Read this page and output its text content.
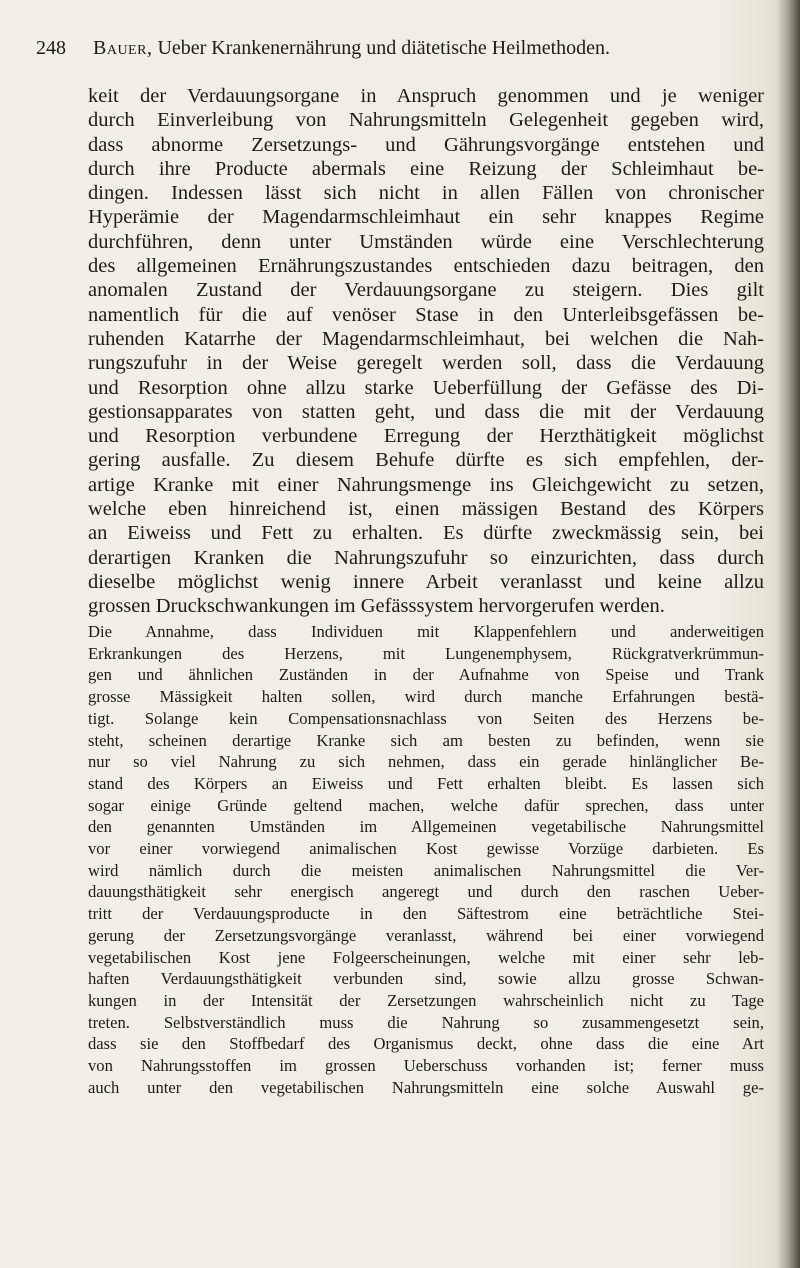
248 Bauer, Ueber Krankenernährung und diätetische Heilmethoden.
keit der Verdauungsorgane in Anspruch genommen und je weniger
durch Einverleibung von Nahrungsmitteln Gelegenheit gegeben wird,
dass abnorme Zersetzungs- und Gährungsvorgänge entstehen und
durch ihre Producte abermals eine Reizung der Schleimhaut be-
dingen. Indessen lässt sich nicht in allen Fällen von chronischer
Hyperämie der Magendarmschleimhaut ein sehr knappes Regime
durchführen, denn unter Umständen würde eine Verschlechterung
des allgemeinen Ernährungszustandes entschieden dazu beitragen, den
anomalen Zustand der Verdauungsorgane zu steigern. Dies gilt
namentlich für die auf venöser Stase in den Unterleibsgefässen be-
ruhenden Katarrhe der Magendarmschleimhaut, bei welchen die Nah-
rungszufuhr in der Weise geregelt werden soll, dass die Verdauung
und Resorption ohne allzu starke Ueberfüllung der Gefässe des Di-
gestionsapparates von statten geht, und dass die mit der Verdauung
und Resorption verbundene Erregung der Herzthätigkeit möglichst
gering ausfalle. Zu diesem Behufe dürfte es sich empfehlen, der-
artige Kranke mit einer Nahrungsmenge ins Gleichgewicht zu setzen,
welche eben hinreichend ist, einen mässigen Bestand des Körpers
an Eiweiss und Fett zu erhalten. Es dürfte zweckmässig sein, bei
derartigen Kranken die Nahrungszufuhr so einzurichten, dass durch
dieselbe möglichst wenig innere Arbeit veranlasst und keine allzu
grossen Druckschwankungen im Gefässsystem hervorgerufen werden.
Die Annahme, dass Individuen mit Klappenfehlern und anderweitigen
Erkrankungen des Herzens, mit Lungenemphysem, Rückgratverkrümmun-
gen und ähnlichen Zuständen in der Aufnahme von Speise und Trank
grosse Mässigkeit halten sollen, wird durch manche Erfahrungen bestä-
tigt. Solange kein Compensationsnachlass von Seiten des Herzens be-
steht, scheinen derartige Kranke sich am besten zu befinden, wenn sie
nur so viel Nahrung zu sich nehmen, dass ein gerade hinlänglicher Be-
stand des Körpers an Eiweiss und Fett erhalten bleibt. Es lassen sich
sogar einige Gründe geltend machen, welche dafür sprechen, dass unter
den genannten Umständen im Allgemeinen vegetabilische Nahrungsmittel
vor einer vorwiegend animalischen Kost gewisse Vorzüge darbieten. Es
wird nämlich durch die meisten animalischen Nahrungsmittel die Ver-
dauungsthätigkeit sehr energisch angeregt und durch den raschen Ueber-
tritt der Verdauungsproducte in den Säftestrom eine beträchtliche Stei-
gerung der Zersetzungsvorgänge veranlasst, während bei einer vorwiegend
vegetabilischen Kost jene Folgeerscheinungen, welche mit einer sehr leb-
haften Verdauungsthätigkeit verbunden sind, sowie allzu grosse Schwan-
kungen in der Intensität der Zersetzungen wahrscheinlich nicht zu Tage
treten. Selbstverständlich muss die Nahrung so zusammengesetzt sein,
dass sie den Stoffbedarf des Organismus deckt, ohne dass die eine Art
von Nahrungsstoffen im grossen Ueberschuss vorhanden ist; ferner muss
auch unter den vegetabilischen Nahrungsmitteln eine solche Auswahl ge-
